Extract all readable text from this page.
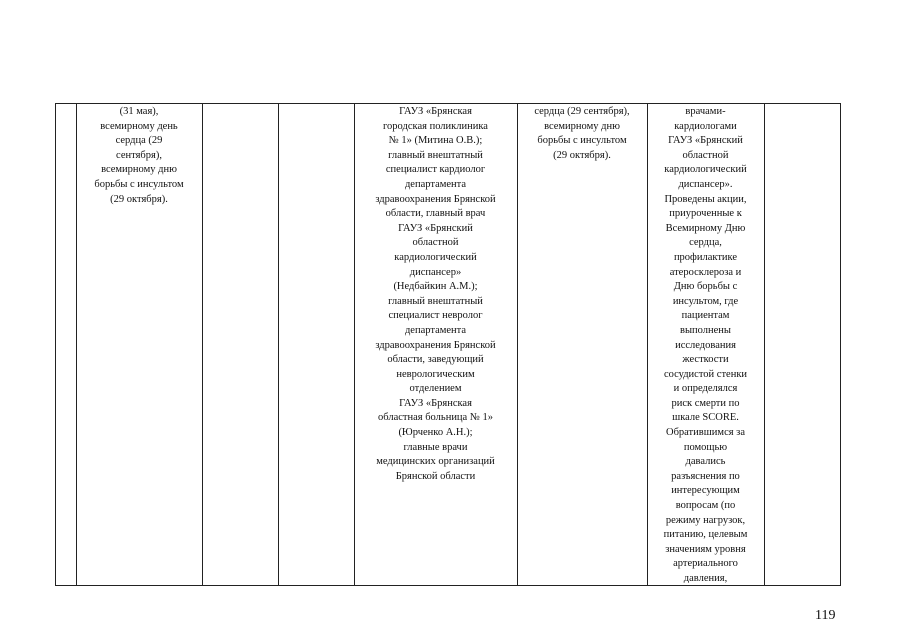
(31 мая),
всемирному день
сердца (29
сентября),
всемирному дню
борьбы с инсультом
(29 октября).
ГАУЗ «Брянская
городская поликлиника
№ 1» (Митина О.В.);
главный внештатный
специалист кардиолог
департамента
здравоохранения Брянской
области, главный врач
ГАУЗ «Брянский
областной
кардиологический
диспансер»
(Недбайкин А.М.);
главный внештатный
специалист невролог
департамента
здравоохранения Брянской
области, заведующий
неврологическим
отделением
ГАУЗ «Брянская
областная больница № 1»
(Юрченко А.Н.);
главные врачи
медицинских организаций
Брянской области
сердца (29 сентября),
всемирному дню
борьбы с инсультом
(29 октября).
врачами-
кардиологами
ГАУЗ «Брянский
областной
кардиологический
диспансер».
Проведены акции,
приуроченные к
Всемирному Дню
сердца,
профилактике
атеросклероза и
Дню борьбы с
инсультом, где
пациентам
выполнены
исследования
жесткости
сосудистой стенки
и определялся
риск смерти по
шкале SCORE.
Обратившимся за
помощью
давались
разъяснения по
интересующим
вопросам (по
режиму нагрузок,
питанию, целевым
значениям уровня
артериального
давления,
119
